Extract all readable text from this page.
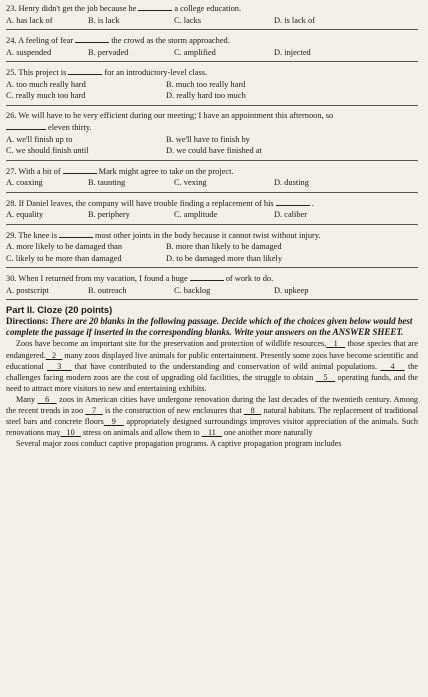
23. Henry didn't get the job because he	a college education.
A. has lack of	B. is lack	C. lacks	D. is lack of
24. A feeling of fear	the crowd as the storm approached.
A. suspended	B. pervaded	C. amplified	D. injected
25. This project is	for an introductory-level class.
A. too much really hard	B. much too really hard
C. really much too hard	D. really hard too much
26. We will have to be very efficient during our meeting; I have an appointment this afternoon, so
eleven thirty.
A. we'll finish up to	B. we'll have to finish by
C. we should finish until	D. we could have finished at
27. With a bit of	Mark might agree to take on the project.
A. coaxing	B. taunting	C. vexing	D. dusting
28. If Daniel leaves, the company will have trouble finding a replacement of his	.
A. equality	B. periphery	C. amplitude	D. caliber
29. The knee is	most other joints in the body because it cannot twist without injury.
A. more likely to be damaged than	B. more than likely to be damaged
C. likely to be more than damaged	D. to be damaged more than likely
30. When I returned from my vacation, I found a huge	of work to do.
A. postscript	B. outreach	C. backlog	D. upkeep
Part II. Cloze (20 points)
Directions: There are 20 blanks in the following passage. Decide which of the choices given below would best complete the passage if inserted in the corresponding blanks. Write your answers on the ANSWER SHEET.

Zoos have become an important site for the preservation and protection of wildlife resources, 1    those species that are endangered. 2    many zoos displayed live animals for public entertainment. Presently some zoos have become scientific and educational    3    that have contributed to the understanding and conservation of wild animal populations.    4    the challenges facing modern zoos are the cost of upgrading old facilities, the struggle to obtain    5    operating funds, and the need to attract more visitors to new and entertaining exhibits.

Many    6    zoos in American cities have undergone renovation during the last decades of the twentieth century. Among the recent trends in zoo    7    is the construction of new enclosures that    8    natural habitats. The replacement of traditional steel bars and concrete floors 9    appropriately designed surroundings improves visitor appreciation of the animals. Such renovations may 10    stress on animals and allow them to    11    one another more naturally

Several major zoos conduct captive propagation programs. A captive propagation program includes
